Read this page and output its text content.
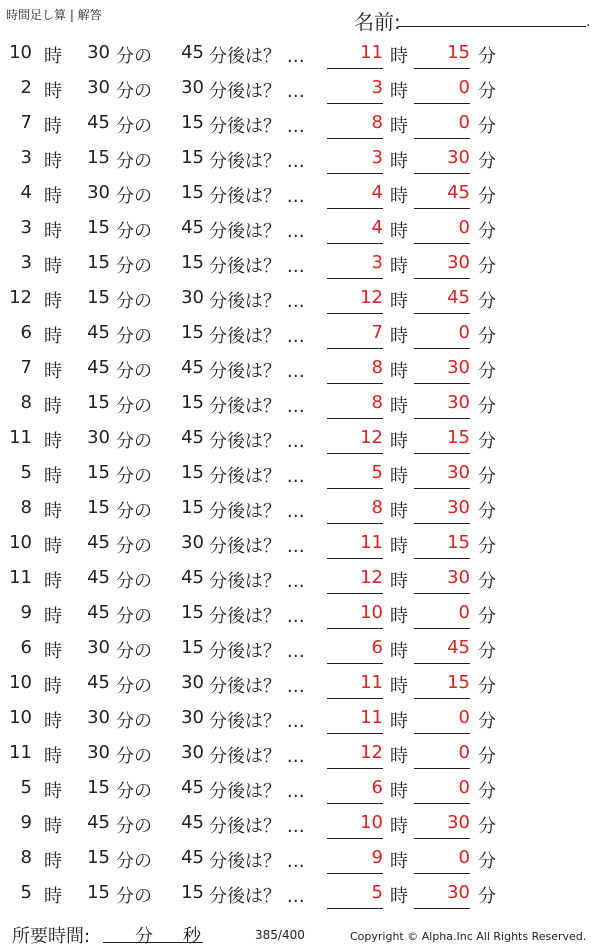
時間足し算 | 解答	名前:	.
10 時 30 分の	45 分後は？ …	11 時	15 分
2 時 30 分の	30 分後は？ …	3 時	0 分
7 時 45 分の	15 分後は？ …	8 時	0 分
3 時 15 分の	15 分後は？ …	3 時	30 分
4 時 30 分の	15 分後は？ …	4 時	45 分
3 時 15 分の	45 分後は？ …	4 時	0 分
3 時 15 分の	15 分後は？ …	3 時	30 分
12 時 15 分の	30 分後は？ …	12 時	45 分
6 時 45 分の	15 分後は？ …	7 時	0 分
7 時 45 分の	45 分後は？ …	8 時	30 分
8 時 15 分の	15 分後は？ …	8 時	30 分
11 時 30 分の	45 分後は？ …	12 時	15 分
5 時 15 分の	15 分後は？ …	5 時	30 分
8 時 15 分の	15 分後は？ …	8 時	30 分
10 時 45 分の	30 分後は？ …	11 時	15 分
11 時 45 分の	45 分後は？ …	12 時	30 分
9 時 45 分の	15 分後は？ …	10 時	0 分
6 時 30 分の	15 分後は？ …	6 時	45 分
10 時 45 分の	30 分後は？ …	11 時	15 分
10 時 30 分の	30 分後は？ …	11 時	0 分
11 時 30 分の	30 分後は？ …	12 時	0 分
5 時 15 分の	45 分後は？ …	6 時	0 分
9 時 45 分の	45 分後は？ …	10 時	30 分
8 時 15 分の	45 分後は？ …	9 時	0 分
5 時 15 分の	15 分後は？ …	5 時	30 分
所要時間: 分 秒	385/400	Copyright © Alpha.Inc All Rights Reserved.
